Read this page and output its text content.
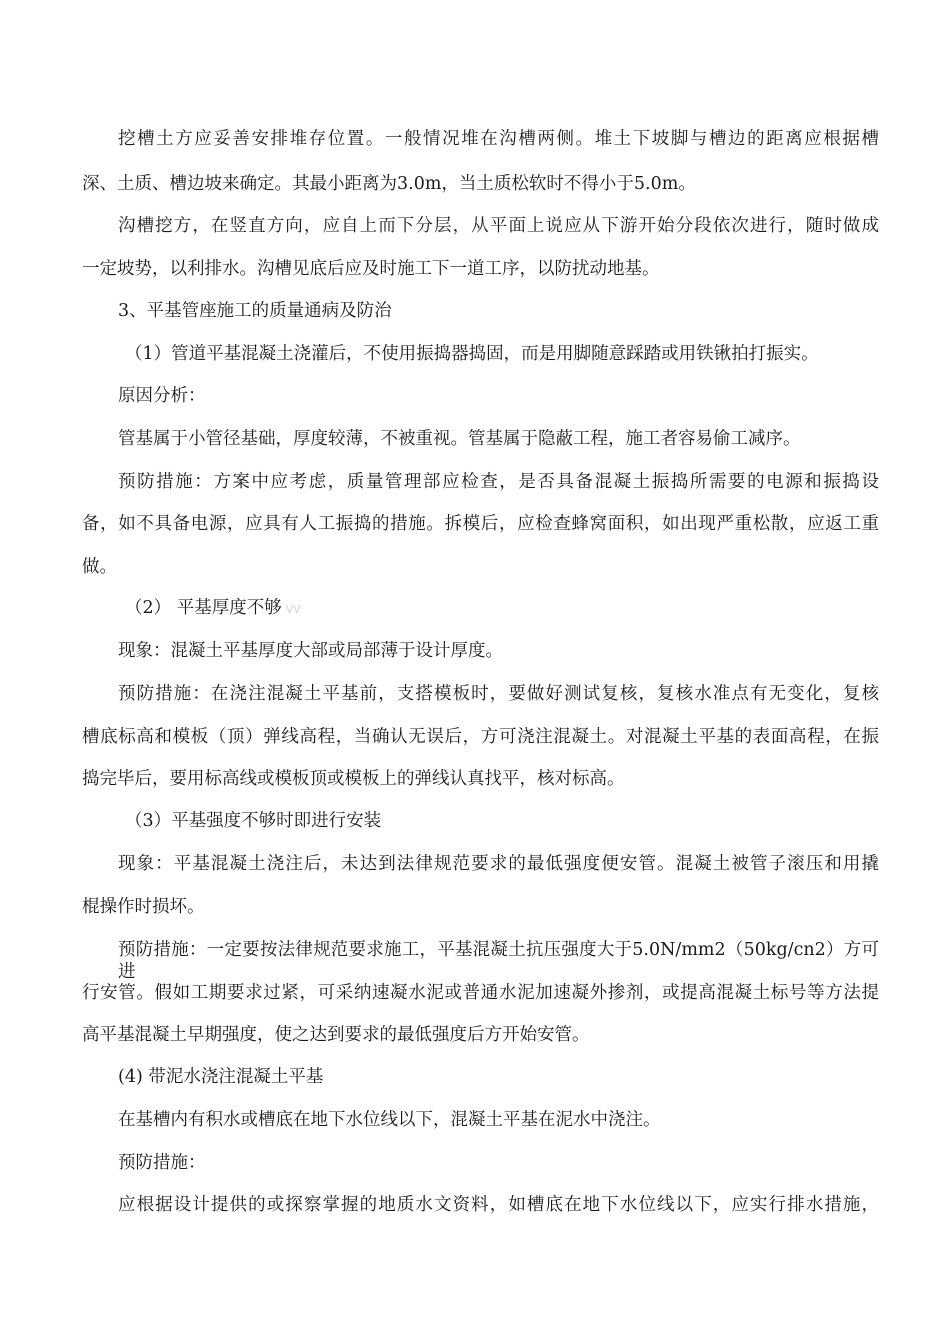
挖槽土方应妥善安排堆存位置。一般情况堆在沟槽两侧。堆土下坡脚与槽边的距离应根据槽
深、土质、槽边坡来确定。其最小距离为3.0m，当土质松软时不得小于5.0m。
沟槽挖方，在竖直方向，应自上而下分层，从平面上说应从下游开始分段依次进行，随时做成
一定坡势，以利排水。沟槽见底后应及时施工下一道工序，以防扰动地基。
3、平基管座施工的质量通病及防治
（1）管道平基混凝土浇灌后，不使用振捣器捣固，而是用脚随意踩踏或用铁锹拍打振实。
原因分析：
管基属于小管径基础，厚度较薄，不被重视。管基属于隐蔽工程，施工者容易偷工减序。
预防措施：方案中应考虑，质量管理部应检查，是否具备混凝土振捣所需要的电源和振捣设
备，如不具备电源，应具有人工振捣的措施。拆模后，应检查蜂窝面积，如出现严重松散，应返工重
做。
（2） 平基厚度不够 VV
现象：混凝土平基厚度大部或局部薄于设计厚度。
预防措施：在浇注混凝土平基前，支搭模板时，要做好测试复核，复核水准点有无变化，复核
槽底标高和模板（顶）弹线高程，当确认无误后，方可浇注混凝土。对混凝土平基的表面高程，在振
捣完毕后，要用标高线或模板顶或模板上的弹线认真找平，核对标高。
（3）平基强度不够时即进行安装
现象：平基混凝土浇注后，未达到法律规范要求的最低强度便安管。混凝土被管子滚压和用撬
棍操作时损坏。
预防措施：一定要按法律规范要求施工，平基混凝土抗压强度大于5.0N/mm2（50kg/cn2）方可进
行安管。假如工期要求过紧，可采纳速凝水泥或普通水泥加速凝外掺剂，或提高混凝土标号等方法提
高平基混凝土早期强度，使之达到要求的最低强度后方开始安管。
(4) 带泥水浇注混凝土平基
在基槽内有积水或槽底在地下水位线以下，混凝土平基在泥水中浇注。
预防措施：
应根据设计提供的或探察掌握的地质水文资料，如槽底在地下水位线以下，应实行排水措施，
